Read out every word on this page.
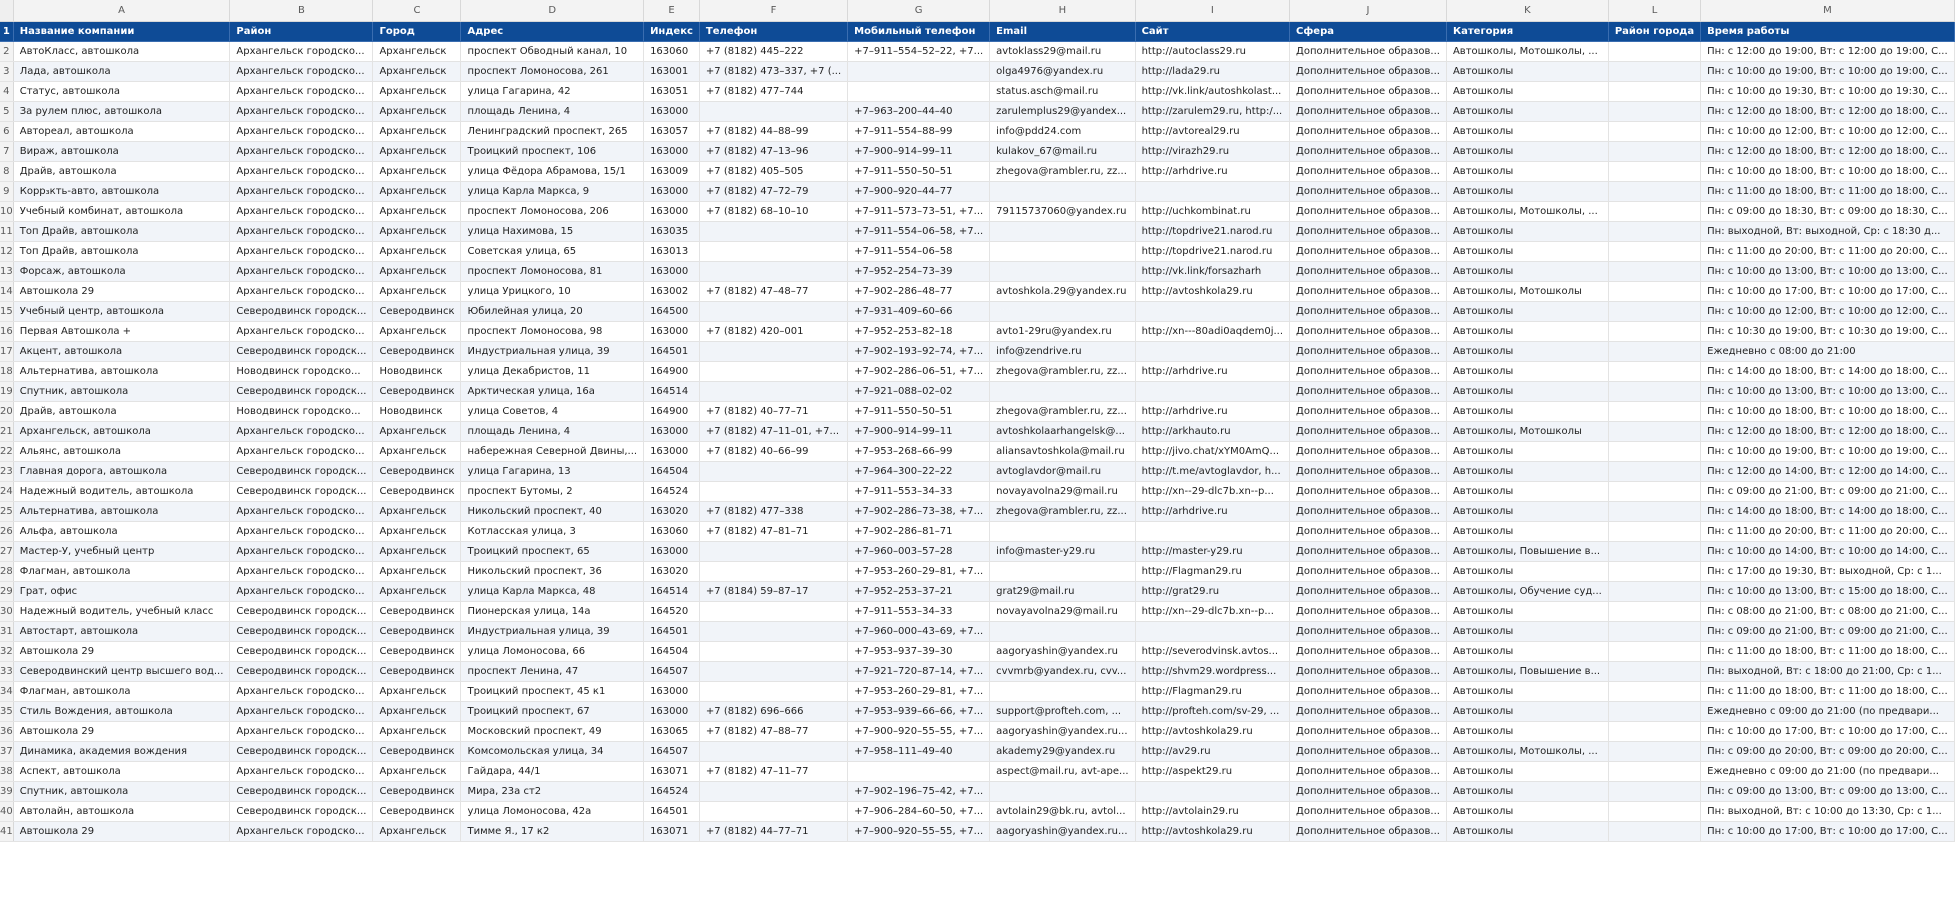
	A	B	C	D	E	F	G	H	I	J	K	L	M
1	Название компании	Район	Город	Адрес	Индекс	Телефон	Мобильный телефон	Email	Сайт	Сфера	Категория	Район города	Время работы
2	АвтоКласс, автошкола	Архангельск городско...	Архангельск	проспект Обводный канал, 10	163060	+7 (8182) 445–222	+7–911–554–52–22, +7...	avtoklass29@mail.ru	http://autoclass29.ru	Дополнительное образов...	Автошколы, Мотошколы, ...		Пн: с 12:00 до 19:00, Вт: с 12:00 до 19:00, С...
3	Лада, автошкола	Архангельск городско...	Архангельск	проспект Ломоносова, 261	163001	+7 (8182) 473–337, +7 (...		olga4976@yandex.ru	http://lada29.ru	Дополнительное образов...	Автошколы		Пн: с 10:00 до 19:00, Вт: с 10:00 до 19:00, С...
4	Статус, автошкола	Архангельск городско...	Архангельск	улица Гагарина, 42	163051	+7 (8182) 477–744		status.asch@mail.ru	http://vk.link/autoshkolast...	Дополнительное образов...	Автошколы		Пн: с 10:00 до 19:30, Вт: с 10:00 до 19:30, С...
5	За рулем плюс, автошкола	Архангельск городско...	Архангельск	площадь Ленина, 4	163000		+7–963–200–44–40	zarulemplus29@yandex...	http://zarulem29.ru, http:/...	Дополнительное образов...	Автошколы		Пн: с 12:00 до 18:00, Вт: с 12:00 до 18:00, С...
6	Автореал, автошкола	Архангельск городско...	Архангельск	Ленинградский проспект, 265	163057	+7 (8182) 44–88–99	+7–911–554–88–99	info@pdd24.com	http://avtoreal29.ru	Дополнительное образов...	Автошколы		Пн: с 10:00 до 12:00, Вт: с 10:00 до 12:00, С...
7	Вираж, автошкола	Архангельск городско...	Архангельск	Троицкий проспект, 106	163000	+7 (8182) 47–13–96	+7–900–914–99–11	kulakov_67@mail.ru	http://virazh29.ru	Дополнительное образов...	Автошколы		Пн: с 12:00 до 18:00, Вт: с 12:00 до 18:00, С...
8	Драйв, автошкола	Архангельск городско...	Архангельск	улица Фёдора Абрамова, 15/1	163009	+7 (8182) 405–505	+7–911–550–50–51	zhegova@rambler.ru, zz...	http://arhdrive.ru	Дополнительное образов...	Автошколы		Пн: с 10:00 до 18:00, Вт: с 10:00 до 18:00, С...
9	Корр₃кть-авто, автошкола	Архангельск городско...	Архангельск	улица Карла Маркса, 9	163000	+7 (8182) 47–72–79	+7–900–920–44–77			Дополнительное образов...	Автошколы		Пн: с 11:00 до 18:00, Вт: с 11:00 до 18:00, С...
10	Учебный комбинат, автошкола	Архангельск городско...	Архангельск	проспект Ломоносова, 206	163000	+7 (8182) 68–10–10	+7–911–573–73–51, +7...	79115737060@yandex.ru	http://uchkombinat.ru	Дополнительное образов...	Автошколы, Мотошколы, ...		Пн: с 09:00 до 18:30, Вт: с 09:00 до 18:30, С...
11	Топ Драйв, автошкола	Архангельск городско...	Архангельск	улица Нахимова, 15	163035		+7–911–554–06–58, +7...		http://topdrive21.narod.ru	Дополнительное образов...	Автошколы		Пн: выходной, Вт: выходной, Ср: с 18:30 д...
12	Топ Драйв, автошкола	Архангельск городско...	Архангельск	Советская улица, 65	163013		+7–911–554–06–58		http://topdrive21.narod.ru	Дополнительное образов...	Автошколы		Пн: с 11:00 до 20:00, Вт: с 11:00 до 20:00, С...
13	Форсаж, автошкола	Архангельск городско...	Архангельск	проспект Ломоносова, 81	163000		+7–952–254–73–39		http://vk.link/forsazharh	Дополнительное образов...	Автошколы		Пн: с 10:00 до 13:00, Вт: с 10:00 до 13:00, С...
14	Автошкола 29	Архангельск городско...	Архангельск	улица Урицкого, 10	163002	+7 (8182) 47–48–77	+7–902–286–48–77	avtoshkola.29@yandex.ru	http://avtoshkola29.ru	Дополнительное образов...	Автошколы, Мотошколы		Пн: с 10:00 до 17:00, Вт: с 10:00 до 17:00, С...
15	Учебный центр, автошкола	Северодвинск городск...	Северодвинск	Юбилейная улица, 20	164500		+7–931–409–60–66			Дополнительное образов...	Автошколы		Пн: с 10:00 до 12:00, Вт: с 10:00 до 12:00, С...
16	Первая Автошкола +	Архангельск городско...	Архангельск	проспект Ломоносова, 98	163000	+7 (8182) 420–001	+7–952–253–82–18	avto1-29ru@yandex.ru	http://xn---80adi0aqdem0j...	Дополнительное образов...	Автошколы		Пн: с 10:30 до 19:00, Вт: с 10:30 до 19:00, С...
17	Акцент, автошкола	Северодвинск городск...	Северодвинск	Индустриальная улица, 39	164501		+7–902–193–92–74, +7...	info@zendrive.ru		Дополнительное образов...	Автошколы		Ежедневно с 08:00 до 21:00
18	Альтернатива, автошкола	Новодвинск городско...	Новодвинск	улица Декабристов, 11	164900		+7–902–286–06–51, +7...	zhegova@rambler.ru, zz...	http://arhdrive.ru	Дополнительное образов...	Автошколы		Пн: с 14:00 до 18:00, Вт: с 14:00 до 18:00, С...
19	Спутник, автошкола	Северодвинск городск...	Северодвинск	Арктическая улица, 16а	164514		+7–921–088–02–02			Дополнительное образов...	Автошколы		Пн: с 10:00 до 13:00, Вт: с 10:00 до 13:00, С...
20	Драйв, автошкола	Новодвинск городско...	Новодвинск	улица Советов, 4	164900	+7 (8182) 40–77–71	+7–911–550–50–51	zhegova@rambler.ru, zz...	http://arhdrive.ru	Дополнительное образов...	Автошколы		Пн: с 10:00 до 18:00, Вт: с 10:00 до 18:00, С...
21	Архангельск, автошкола	Архангельск городско...	Архангельск	площадь Ленина, 4	163000	+7 (8182) 47–11–01, +7...	+7–900–914–99–11	avtoshkolaarhangelsk@...	http://arkhauto.ru	Дополнительное образов...	Автошколы, Мотошколы		Пн: с 12:00 до 18:00, Вт: с 12:00 до 18:00, С...
22	Альянс, автошкола	Архангельск городско...	Архангельск	набережная Северной Двины,...	163000	+7 (8182) 40–66–99	+7–953–268–66–99	aliansavtoshkola@mail.ru	http://jivo.chat/xYM0AmQ...	Дополнительное образов...	Автошколы		Пн: с 10:00 до 19:00, Вт: с 10:00 до 19:00, С...
23	Главная дорога, автошкола	Северодвинск городск...	Северодвинск	улица Гагарина, 13	164504		+7–964–300–22–22	avtoglavdor@mail.ru	http://t.me/avtoglavdor, h...	Дополнительное образов...	Автошколы		Пн: с 12:00 до 14:00, Вт: с 12:00 до 14:00, С...
24	Надежный водитель, автошкола	Северодвинск городск...	Северодвинск	проспект Бутомы, 2	164524		+7–911–553–34–33	novayavolna29@mail.ru	http://xn--29-dlc7b.xn--p...	Дополнительное образов...	Автошколы		Пн: с 09:00 до 21:00, Вт: с 09:00 до 21:00, С...
25	Альтернатива, автошкола	Архангельск городско...	Архангельск	Никольский проспект, 40	163020	+7 (8182) 477–338	+7–902–286–73–38, +7...	zhegova@rambler.ru, zz...	http://arhdrive.ru	Дополнительное образов...	Автошколы		Пн: с 14:00 до 18:00, Вт: с 14:00 до 18:00, С...
26	Альфа, автошкола	Архангельск городско...	Архангельск	Котласская улица, 3	163060	+7 (8182) 47–81–71	+7–902–286–81–71			Дополнительное образов...	Автошколы		Пн: с 11:00 до 20:00, Вт: с 11:00 до 20:00, С...
27	Мастер-У, учебный центр	Архангельск городско...	Архангельск	Троицкий проспект, 65	163000		+7–960–003–57–28	info@master-y29.ru	http://master-y29.ru	Дополнительное образов...	Автошколы, Повышение в...		Пн: с 10:00 до 14:00, Вт: с 10:00 до 14:00, С...
28	Флагман, автошкола	Архангельск городско...	Архангельск	Никольский проспект, 36	163020		+7–953–260–29–81, +7...		http://Flagman29.ru	Дополнительное образов...	Автошколы		Пн: с 17:00 до 19:30, Вт: выходной, Ср: с 1...
29	Грат, офис	Архангельск городско...	Архангельск	улица Карла Маркса, 48	164514	+7 (8184) 59–87–17	+7–952–253–37–21	grat29@mail.ru	http://grat29.ru	Дополнительное образов...	Автошколы, Обучение суд...		Пн: с 10:00 до 13:00, Вт: с 15:00 до 18:00, С...
30	Надежный водитель, учебный класс	Северодвинск городск...	Северодвинск	Пионерская улица, 14а	164520		+7–911–553–34–33	novayavolna29@mail.ru	http://xn--29-dlc7b.xn--p...	Дополнительное образов...	Автошколы		Пн: с 08:00 до 21:00, Вт: с 08:00 до 21:00, С...
31	Автостарт, автошкола	Северодвинск городск...	Северодвинск	Индустриальная улица, 39	164501		+7–960–000–43–69, +7...			Дополнительное образов...	Автошколы		Пн: с 09:00 до 21:00, Вт: с 09:00 до 21:00, С...
32	Автошкола 29	Северодвинск городск...	Северодвинск	улица Ломоносова, 66	164504		+7–953–937–39–30	aagoryashin@yandex.ru	http://severodvinsk.avtos...	Дополнительное образов...	Автошколы		Пн: с 11:00 до 18:00, Вт: с 11:00 до 18:00, С...
33	Северодвинский центр высшего вод...	Северодвинск городск...	Северодвинск	проспект Ленина, 47	164507		+7–921–720–87–14, +7...	cvvmrb@yandex.ru, cvv...	http://shvm29.wordpress...	Дополнительное образов...	Автошколы, Повышение в...		Пн: выходной, Вт: с 18:00 до 21:00, Ср: с 1...
34	Флагман, автошкола	Архангельск городско...	Архангельск	Троицкий проспект, 45 к1	163000		+7–953–260–29–81, +7...		http://Flagman29.ru	Дополнительное образов...	Автошколы		Пн: с 11:00 до 18:00, Вт: с 11:00 до 18:00, С...
35	Стиль Вождения, автошкола	Архангельск городско...	Архангельск	Троицкий проспект, 67	163000	+7 (8182) 696–666	+7–953–939–66–66, +7...	support@profteh.com, ...	http://profteh.com/sv-29, ...	Дополнительное образов...	Автошколы		Ежедневно с 09:00 до 21:00 (по предвари...
36	Автошкола 29	Архангельск городско...	Архангельск	Московский проспект, 49	163065	+7 (8182) 47–88–77	+7–900–920–55–55, +7...	aagoryashin@yandex.ru...	http://avtoshkola29.ru	Дополнительное образов...	Автошколы		Пн: с 10:00 до 17:00, Вт: с 10:00 до 17:00, С...
37	Динамика, академия вождения	Северодвинск городск...	Северодвинск	Комсомольская улица, 34	164507		+7–958–111–49–40	akademy29@yandex.ru	http://av29.ru	Дополнительное образов...	Автошколы, Мотошколы, ...		Пн: с 09:00 до 20:00, Вт: с 09:00 до 20:00, С...
38	Аспект, автошкола	Архангельск городско...	Архангельск	Гайдара, 44/1	163071	+7 (8182) 47–11–77		aspect@mail.ru, avt-ape...	http://aspekt29.ru	Дополнительное образов...	Автошколы		Ежедневно с 09:00 до 21:00 (по предвари...
39	Спутник, автошкола	Северодвинск городск...	Северодвинск	Мира, 23а ст2	164524		+7–902–196–75–42, +7...			Дополнительное образов...	Автошколы		Пн: с 09:00 до 13:00, Вт: с 09:00 до 13:00, С...
40	Автолайн, автошкола	Северодвинск городск...	Северодвинск	улица Ломоносова, 42а	164501		+7–906–284–60–50, +7...	avtolain29@bk.ru, avtol...	http://avtolain29.ru	Дополнительное образов...	Автошколы		Пн: выходной, Вт: с 10:00 до 13:30, Ср: с 1...
41	Автошкола 29	Архангельск городско...	Архангельск	Тимме Я., 17 к2	163071	+7 (8182) 44–77–71	+7–900–920–55–55, +7...	aagoryashin@yandex.ru...	http://avtoshkola29.ru	Дополнительное образов...	Автошколы		Пн: с 10:00 до 17:00, Вт: с 10:00 до 17:00, С...
